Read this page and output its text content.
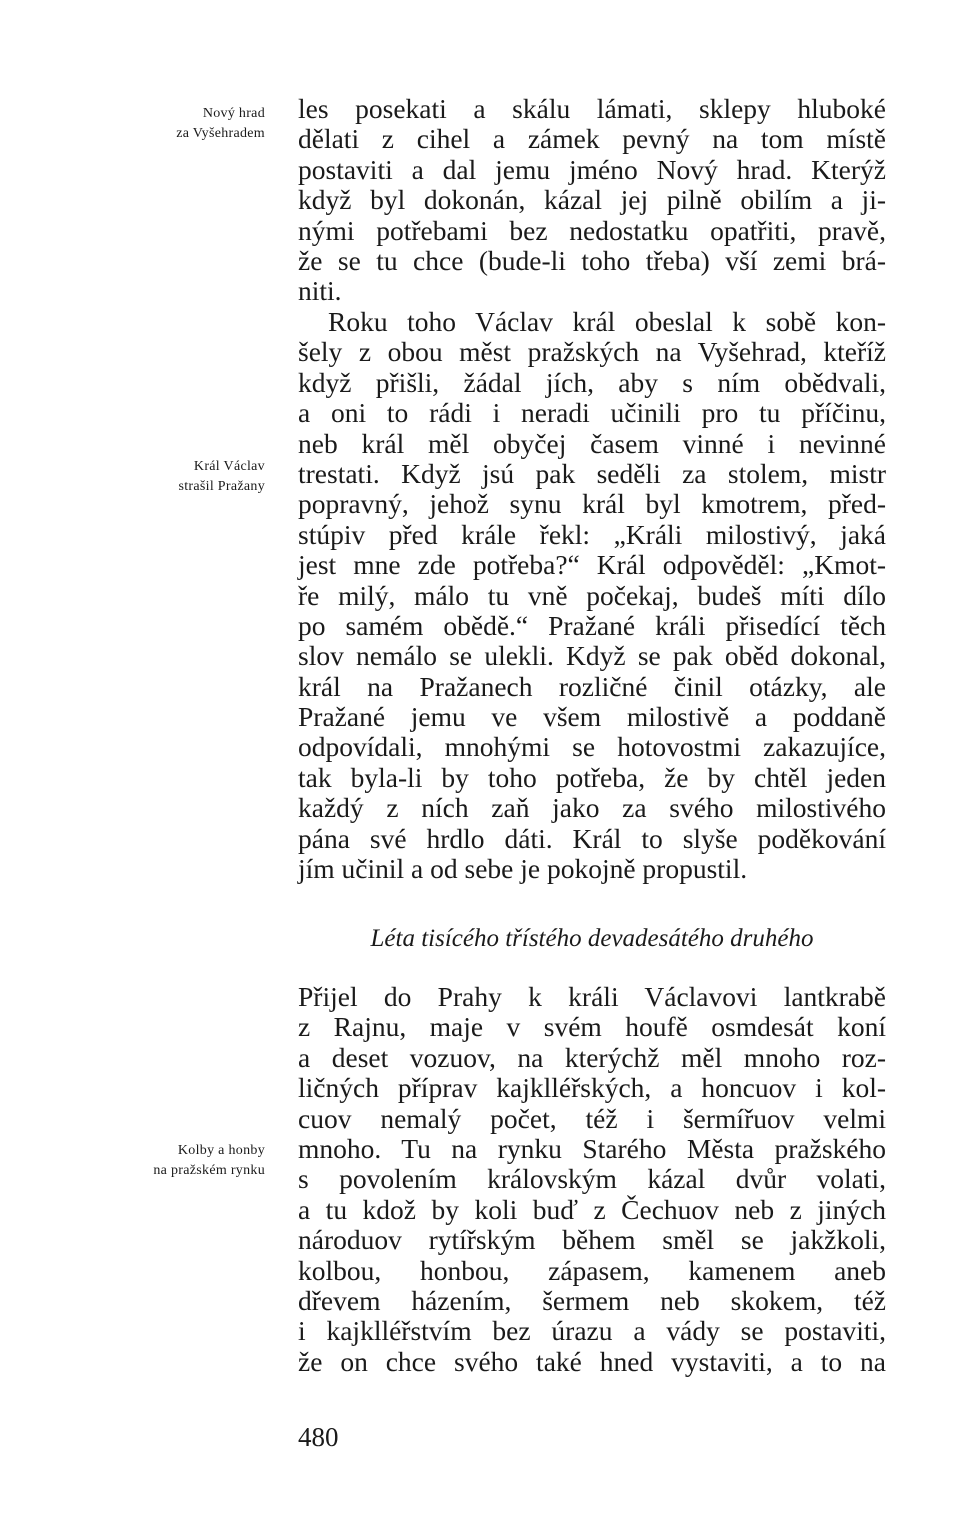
Nový hrad
za Vyšehradem
Král Václav
strašil Pražany
Kolby a honby
na pražském rynku
les posekati a skálu lámati, sklepy hluboké
dělati z cihel a zámek pevný na tom místě
postaviti a dal jemu jméno Nový hrad. Kterýž
když byl dokonán, kázal jej pilně obilím a ji-
nými potřebami bez nedostatku opatřiti, pravě,
že se tu chce (bude-li toho třeba) vší zemi brá-
niti.
Roku toho Václav král obeslal k sobě kon-
šely z obou měst pražských na Vyšehrad, kteříž
když přišli, žádal jích, aby s ním obědvali,
a oni to rádi i neradi učinili pro tu příčinu,
neb král měl obyčej časem vinné i nevinné
trestati. Když jsú pak seděli za stolem, mistr
popravný, jehož synu král byl kmotrem, před-
stúpiv před krále řekl: „Králi milostivý, jaká
jest mne zde potřeba?“ Král odpověděl: „Kmot-
ře milý, málo tu vně počekaj, budeš míti dílo
po samém obědě.“ Pražané králi přisedící těch
slov nemálo se ulekli. Když se pak oběd dokonal,
král na Pražanech rozličné činil otázky, ale
Pražané jemu ve všem milostivě a poddaně
odpovídali, mnohými se hotovostmi zakazujíce,
tak byla-li by toho potřeba, že by chtěl jeden
každý z ních zaň jako za svého milostivého
pána své hrdlo dáti. Král to slyše poděkování
jím učinil a od sebe je pokojně propustil.
Léta tisícého třístého devadesátého druhého
Přijel do Prahy k králi Václavovi lantkrabě
z Rajnu, maje v svém houfě osmdesát koní
a deset vozuov, na kterýchž měl mnoho roz-
ličných příprav kajklléřských, a honcuov i kol-
cuov nemalý počet, též i šermířuov velmi
mnoho. Tu na rynku Starého Města pražského
s povolením královským kázal dvůr volati,
a tu kdož by koli buď z Čechuov neb z jiných
národuov rytířským během směl se jakžkoli,
kolbou, honbou, zápasem, kamenem aneb
dřevem házením, šermem neb skokem, též
i kajklléřstvím bez úrazu a vády se postaviti,
že on chce svého také hned vystaviti, a to na
480
